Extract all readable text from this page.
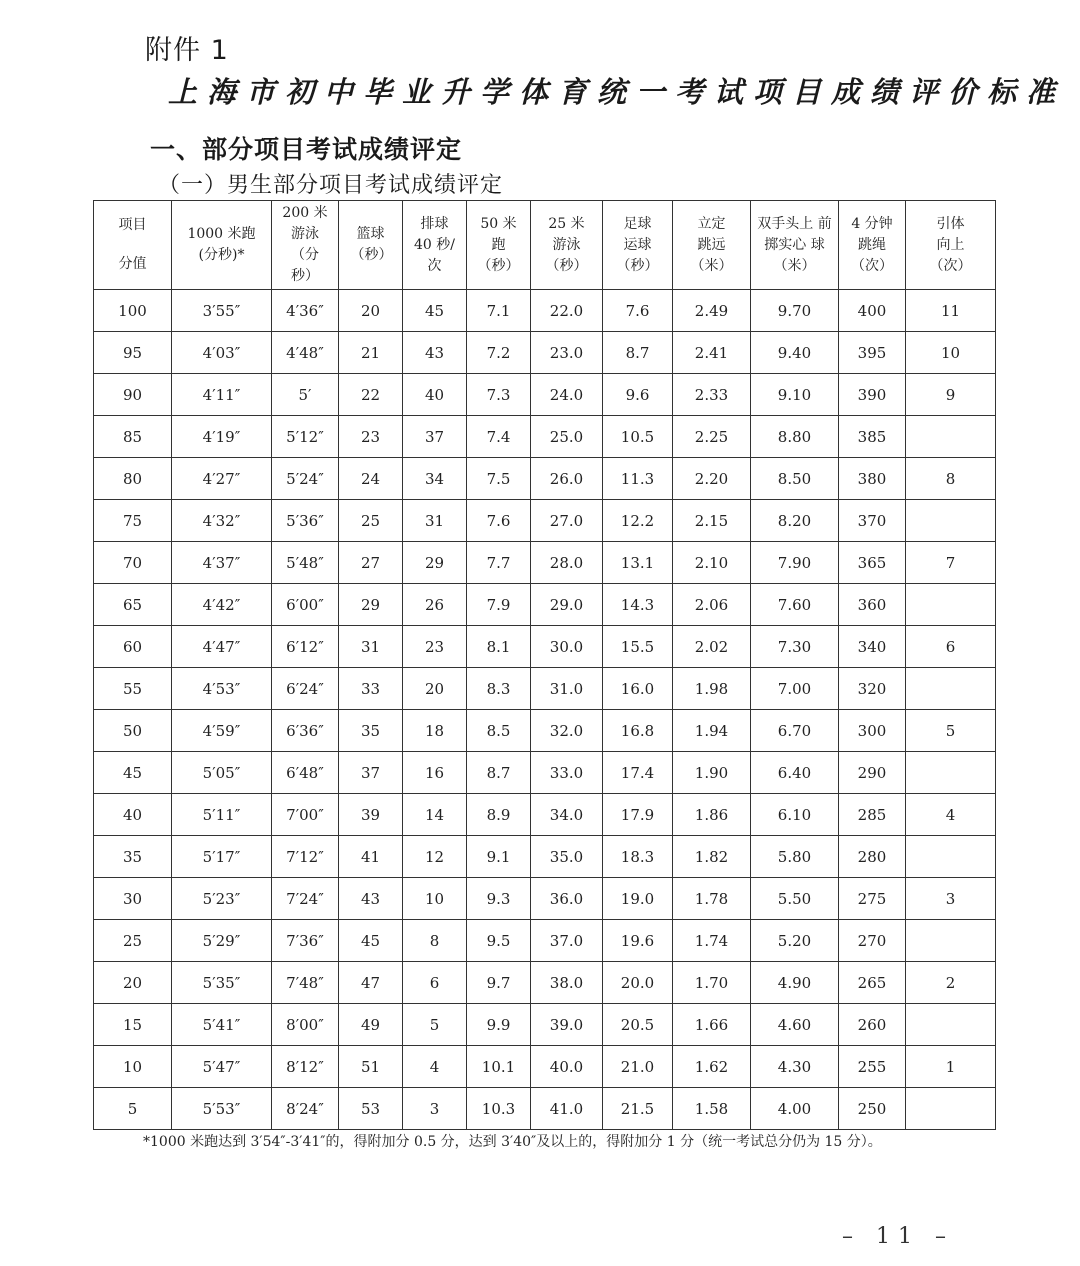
附件 1
上海市初中毕业升学体育统一考试项目成绩评价标准
一、部分项目考试成绩评定
（一）男生部分项目考试成绩评定
项目
分值	1000 米跑 (分秒)*	200 米 游泳 （分 秒）	篮球 （秒）	排球 40 秒/ 次	50 米 跑 （秒）	25 米 游泳 （秒）	足球 运球 （秒）	立定 跳远 （米）	双手头上 前掷实心 球（米）	4 分钟 跳绳 （次）	引体 向上 （次）
100	3′55″	4′36″	20	45	7.1	22.0	7.6	2.49	9.70	400	11
95	4′03″	4′48″	21	43	7.2	23.0	8.7	2.41	9.40	395	10
90	4′11″	5′	22	40	7.3	24.0	9.6	2.33	9.10	390	9
85	4′19″	5′12″	23	37	7.4	25.0	10.5	2.25	8.80	385	
80	4′27″	5′24″	24	34	7.5	26.0	11.3	2.20	8.50	380	8
75	4′32″	5′36″	25	31	7.6	27.0	12.2	2.15	8.20	370	
70	4′37″	5′48″	27	29	7.7	28.0	13.1	2.10	7.90	365	7
65	4′42″	6′00″	29	26	7.9	29.0	14.3	2.06	7.60	360	
60	4′47″	6′12″	31	23	8.1	30.0	15.5	2.02	7.30	340	6
55	4′53″	6′24″	33	20	8.3	31.0	16.0	1.98	7.00	320	
50	4′59″	6′36″	35	18	8.5	32.0	16.8	1.94	6.70	300	5
45	5′05″	6′48″	37	16	8.7	33.0	17.4	1.90	6.40	290	
40	5′11″	7′00″	39	14	8.9	34.0	17.9	1.86	6.10	285	4
35	5′17″	7′12″	41	12	9.1	35.0	18.3	1.82	5.80	280	
30	5′23″	7′24″	43	10	9.3	36.0	19.0	1.78	5.50	275	3
25	5′29″	7′36″	45	8	9.5	37.0	19.6	1.74	5.20	270	
20	5′35″	7′48″	47	6	9.7	38.0	20.0	1.70	4.90	265	2
15	5′41″	8′00″	49	5	9.9	39.0	20.5	1.66	4.60	260	
10	5′47″	8′12″	51	4	10.1	40.0	21.0	1.62	4.30	255	1
5	5′53″	8′24″	53	3	10.3	41.0	21.5	1.58	4.00	250	
*1000 米跑达到 3′54″-3′41″的，得附加分 0.5 分，达到 3′40″及以上的，得附加分 1 分（统一考试总分仍为 15 分）。
– 11 –
